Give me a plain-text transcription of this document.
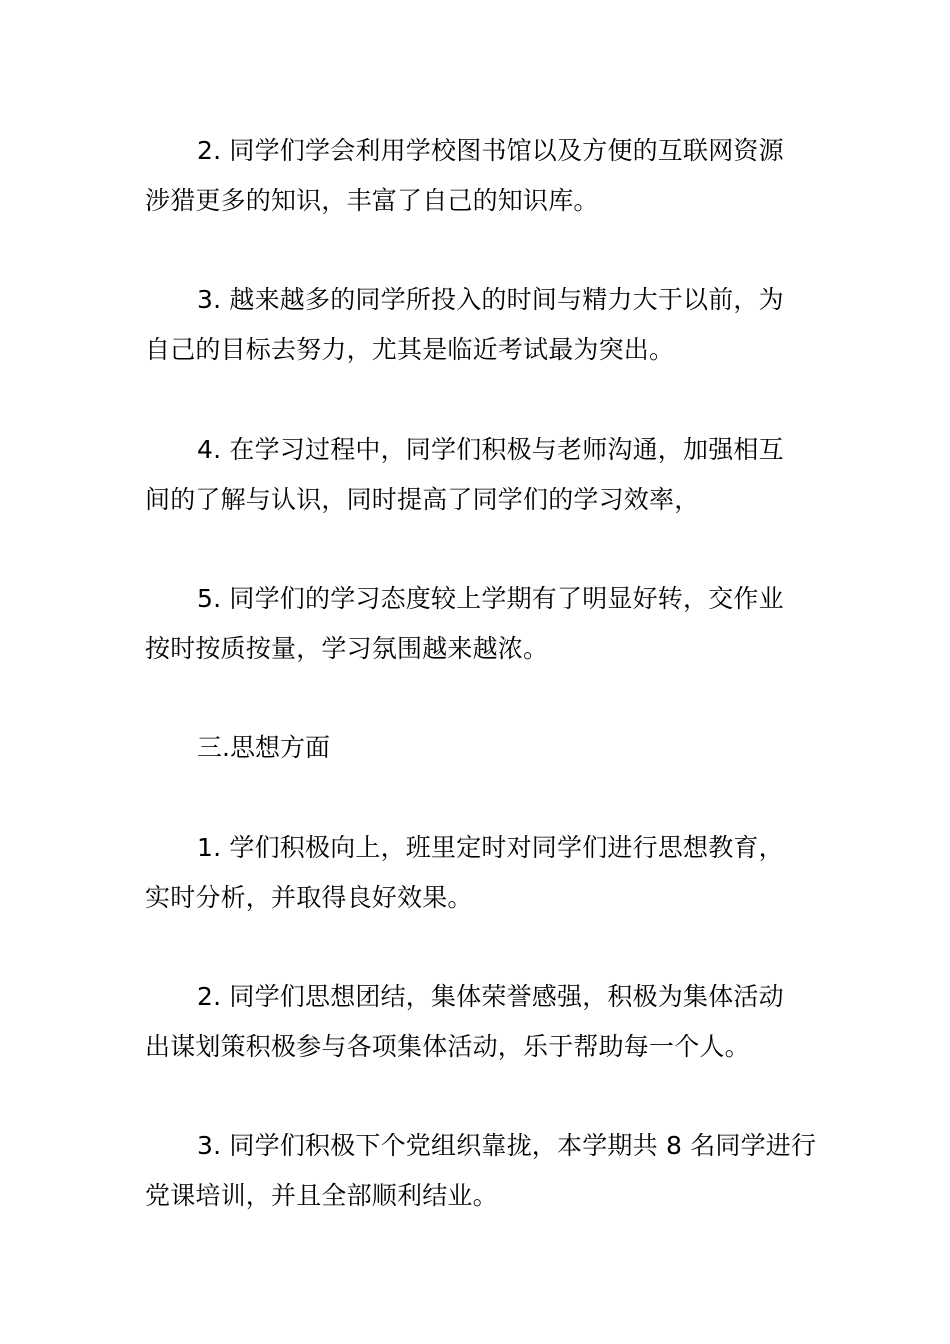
2. 同学们学会利用学校图书馆以及方便的互联网资源
涉猎更多的知识，丰富了自己的知识库。

3. 越来越多的同学所投入的时间与精力大于以前，为
自己的目标去努力，尤其是临近考试最为突出。

4. 在学习过程中，同学们积极与老师沟通，加强相互
间的了解与认识，同时提高了同学们的学习效率，

5. 同学们的学习态度较上学期有了明显好转，交作业
按时按质按量，学习氛围越来越浓。

三.思想方面

1. 学们积极向上，班里定时对同学们进行思想教育，
实时分析，并取得良好效果。

2. 同学们思想团结，集体荣誉感强，积极为集体活动
出谋划策积极参与各项集体活动，乐于帮助每一个人。

3. 同学们积极下个党组织靠拢，本学期共 8 名同学进行
党课培训，并且全部顺利结业。
